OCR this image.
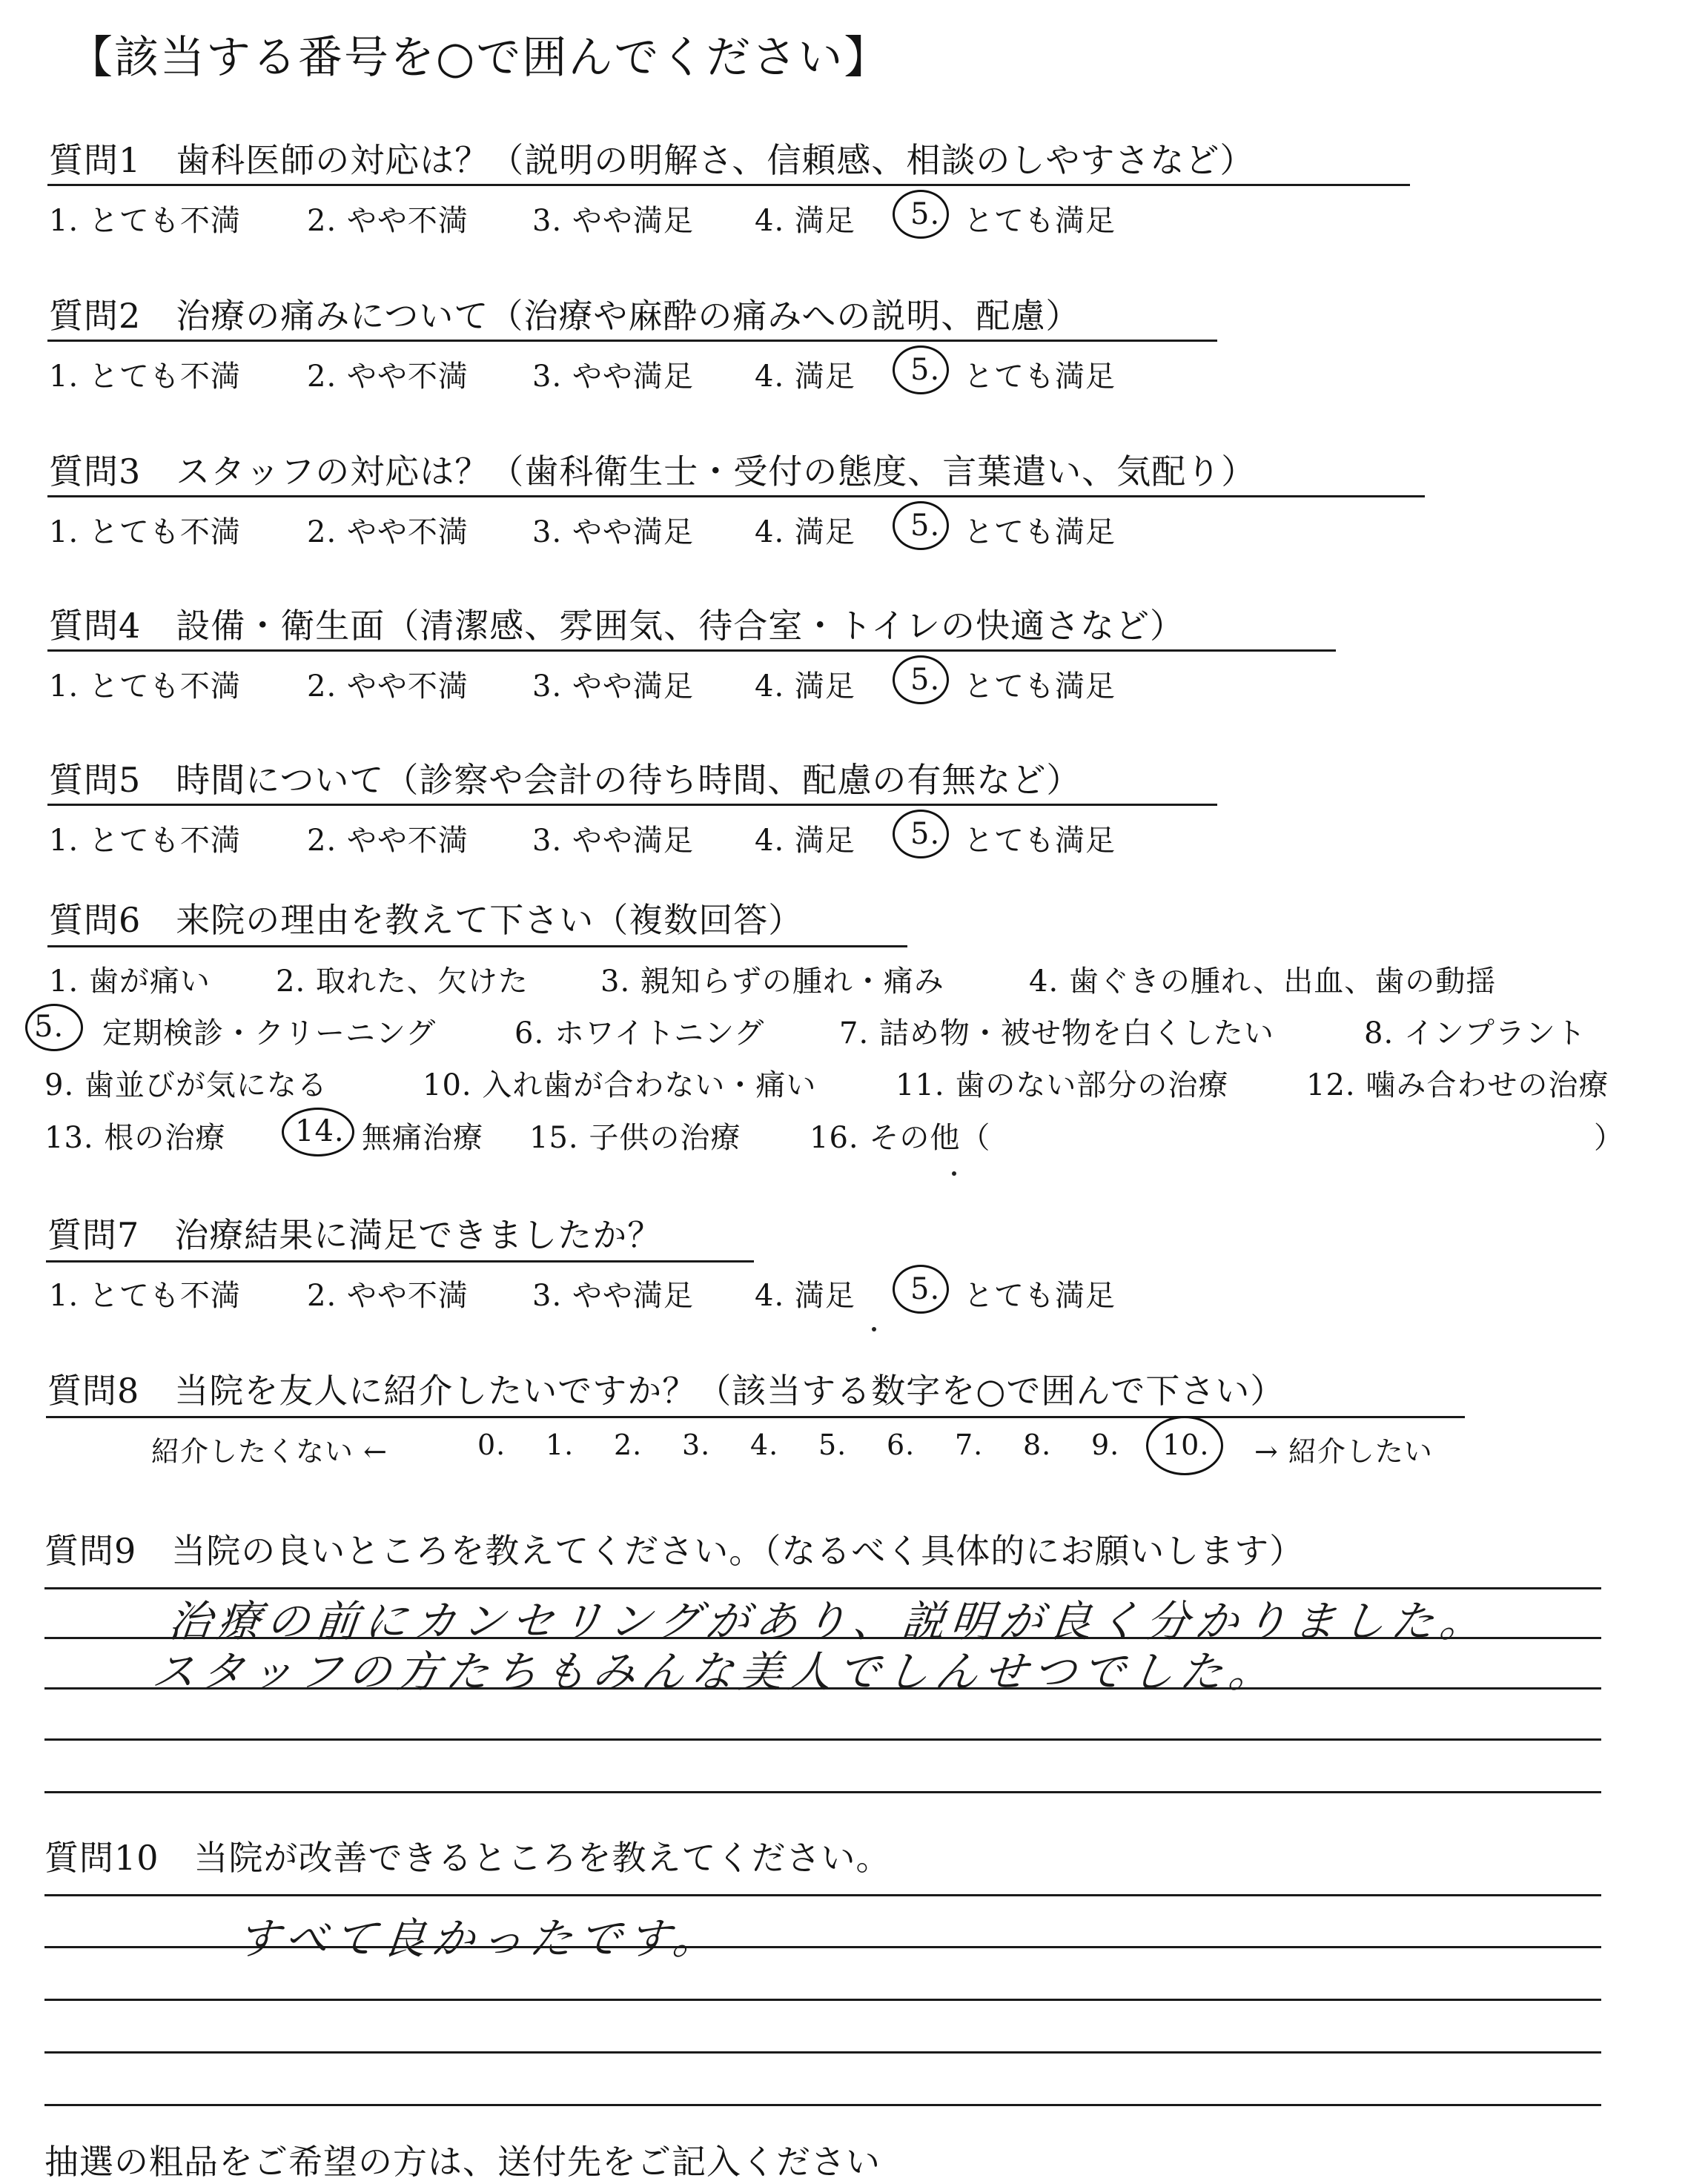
【該当する番号を○で囲んでください】
質問1　歯科医師の対応は？（説明の明解さ、信頼感、相談のしやすさなど）
1. とても不満 2. やや不満 3. やや満足 4. 満足 5. とても満足
質問2　治療の痛みについて（治療や麻酔の痛みへの説明、配慮）
1. とても不満 2. やや不満 3. やや満足 4. 満足 5. とても満足
質問3　スタッフの対応は？（歯科衛生士・受付の態度、言葉遣い、気配り）
1. とても不満 2. やや不満 3. やや満足 4. 満足 5. とても満足
質問4　設備・衛生面（清潔感、雰囲気、待合室・トイレの快適さなど）
1. とても不満 2. やや不満 3. やや満足 4. 満足 5. とても満足
質問5　時間について（診察や会計の待ち時間、配慮の有無など）
1. とても不満 2. やや不満 3. やや満足 4. 満足 5. とても満足
質問6　来院の理由を教えて下さい（複数回答）
1. 歯が痛い 2. 取れた、欠けた 3. 親知らずの腫れ・痛み	4. 歯ぐきの腫れ、出血、歯の動揺
5. 定期検診・クリーニング	6. ホワイトニング	7. 詰め物・被せ物を白くしたい	8. インプラント
9. 歯並びが気になる	10. 入れ歯が合わない・痛い	11. 歯のない部分の治療	12. 噛み合わせの治療
13. 根の治療 14. 無痛治療 15. 子供の治療 16. その他（	）
質問7　治療結果に満足できましたか？
1. とても不満 2. やや不満 3. やや満足 4. 満足 5. とても満足
質問8　当院を友人に紹介したいですか？（該当する数字を○で囲んで下さい）
紹介したくない ←	0. 1. 2. 3. 4. 5. 6. 7. 8. 9. 10. → 紹介したい
質問9　当院の良いところを教えてください。（なるべく具体的にお願いします）
治療の前にカンセリングがあり、説明が良く分かりました。
スタッフの方たちもみんな美人でしんせつでした。
質問10　当院が改善できるところを教えてください。
すべて良かったです。
抽選の粗品をご希望の方は、送付先をご記入ください
